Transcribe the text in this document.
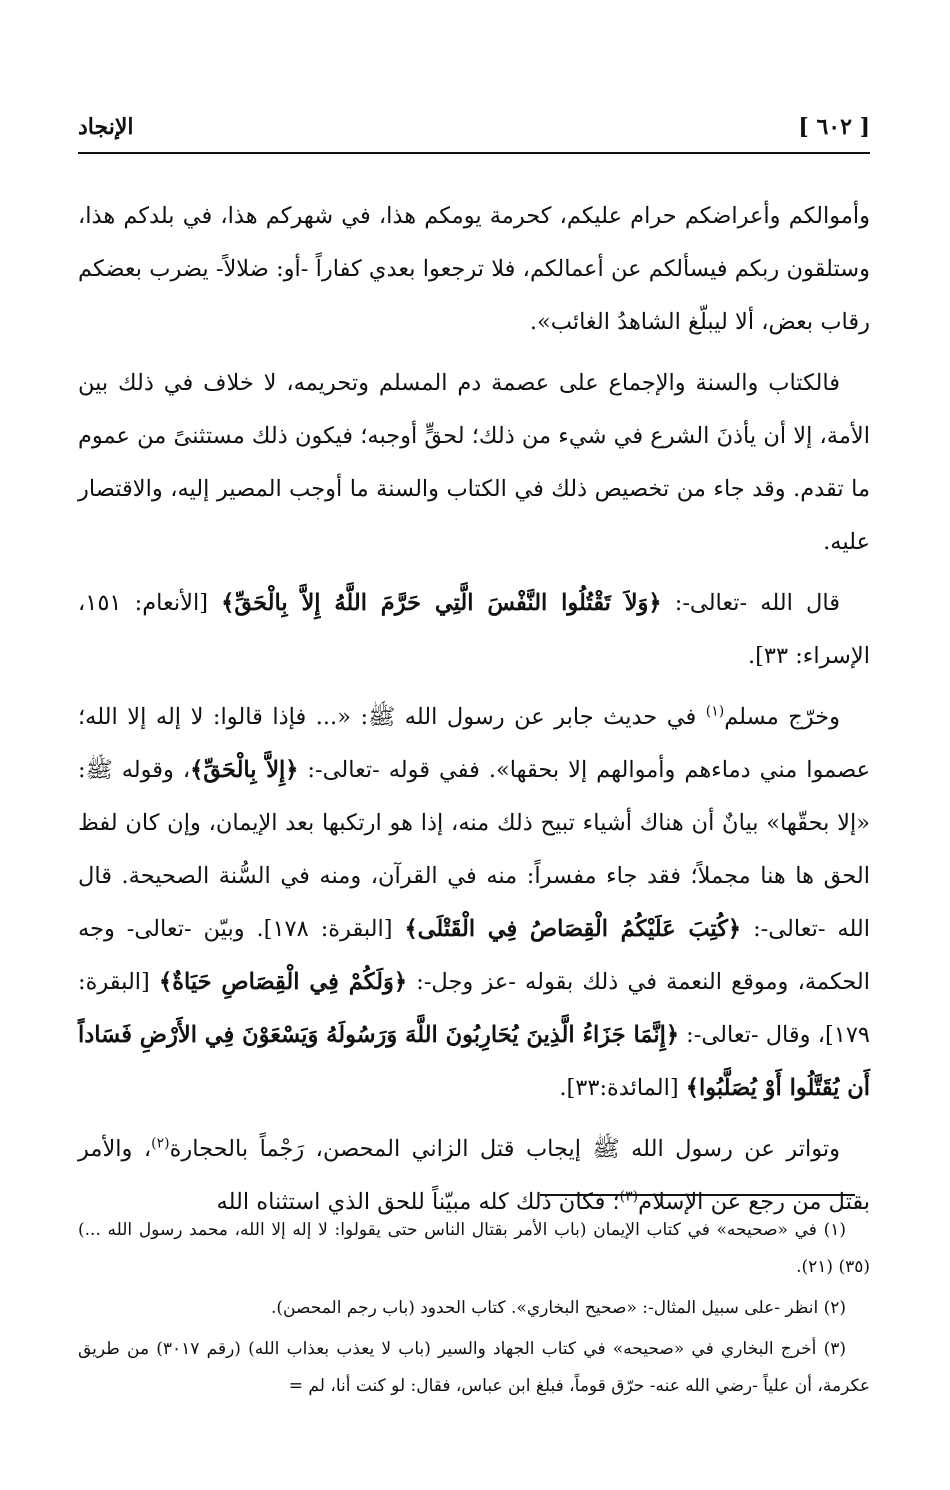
الإنجاد	[ ٦٠٢ ]

وأموالكم وأعراضكم حرام عليكم، كحرمة يومكم هذا، في شهركم هذا، في بلدكم هذا، وستلقون ربكم فيسألكم عن أعمالكم، فلا ترجعوا بعدي كفاراً -أو: ضلالاً- يضرب بعضكم رقاب بعض، ألا ليبلّغ الشاهدُ الغائب».

فالكتاب والسنة والإجماع على عصمة دم المسلم وتحريمه، لا خلاف في ذلك بين الأمة، إلا أن يأذنَ الشرع في شيء من ذلك؛ لحقٍّ أوجبه؛ فيكون ذلك مستثنىً من عموم ما تقدم. وقد جاء من تخصيص ذلك في الكتاب والسنة ما أوجب المصير إليه، والاقتصار عليه.

قال الله -تعالى-: ﴿وَلاَ تَقْتُلُوا النَّفْسَ الَّتِي حَرَّمَ اللَّهُ إِلاَّ بِالْحَقِّ﴾ [الأنعام: ١٥١، الإسراء: ٣٣].

وخرّج مسلم$^{(١)}$ في حديث جابر عن رسول الله ﷺ: «... فإذا قالوا: لا إله إلا الله؛ عصموا مني دماءهم وأموالهم إلا بحقها». ففي قوله -تعالى-: ﴿إِلاَّ بِالْحَقِّ﴾، وقوله ﷺ: «إلا بحقّها» بيانٌ أن هناك أشياء تبيح ذلك منه، إذا هو ارتكبها بعد الإيمان، وإن كان لفظ الحق ها هنا مجملاً؛ فقد جاء مفسراً: منه في القرآن، ومنه في السُّنة الصحيحة. قال الله -تعالى-: ﴿كُتِبَ عَلَيْكُمُ الْقِصَاصُ فِي الْقَتْلَى﴾ [البقرة: ١٧٨]. وبيّن -تعالى- وجه الحكمة، وموقع النعمة في ذلك بقوله -عز وجل-: ﴿وَلَكُمْ فِي الْقِصَاصِ حَيَاةٌ﴾ [البقرة: ١٧٩]، وقال -تعالى-: ﴿إِنَّمَا جَزَاءُ الَّذِينَ يُحَارِبُونَ اللَّهَ وَرَسُولَهُ وَيَسْعَوْنَ فِي الأَرْضِ فَسَاداً أَن يُقَتَّلُوا أَوْ يُصَلَّبُوا﴾ [المائدة:٣٣].

وتواتر عن رسول الله ﷺ إيجاب قتل الزاني المحصن، رَجْماً بالحجارة$^{(٢)}$، والأمر بقتل من رجع عن الإسلام$^{(٣)}$؛ فكان ذلك كله مبيّناً للحق الذي استثناه الله

(١) في «صحيحه» في كتاب الإيمان (باب الأمر بقتال الناس حتى يقولوا: لا إله إلا الله، محمد رسول الله ...) (٣٥) (٢١).

(٢) انظر -على سبيل المثال-: «صحيح البخاري». كتاب الحدود (باب رجم المحصن).

(٣) أخرج البخاري في «صحيحه» في كتاب الجهاد والسير (باب لا يعذب بعذاب الله) (رقم ٣٠١٧) من طريق عكرمة، أن علياً -رضي الله عنه- حرّق قوماً، فبلغ ابن عباس، فقال: لو كنت أنا، لم =
